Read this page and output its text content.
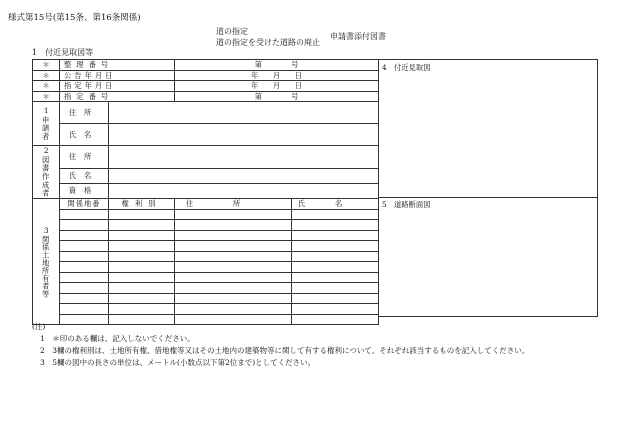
様式第15号(第15条、第16条関係)
道の指定
道の指定を受けた道路の廃止
申請書添付図書
1　付近見取図等
＊	整理番号		第　　　　号	
＊	公告年月日		年　　月　　日	
＊	指定年月日		年　　月　　日	
＊	指定番号		第　　　　号	
1申請者	住所			
	氏名			
2図書作成者	住所			
	氏名			
	資格			
3関係土地所有者等	関係地番	権利別	住所	氏名

4　付近見取図
5　道路断面図
(注)
1　＊印のある欄は、記入しないでください。
2　3欄の権利別は、土地所有権、借地権等又はその土地内の建築物等に関して有する権利について、それぞれ該当するものを記入してください。
3　5欄の図中の長さの単位は、メートル(小数点以下第2位まで)としてください。
